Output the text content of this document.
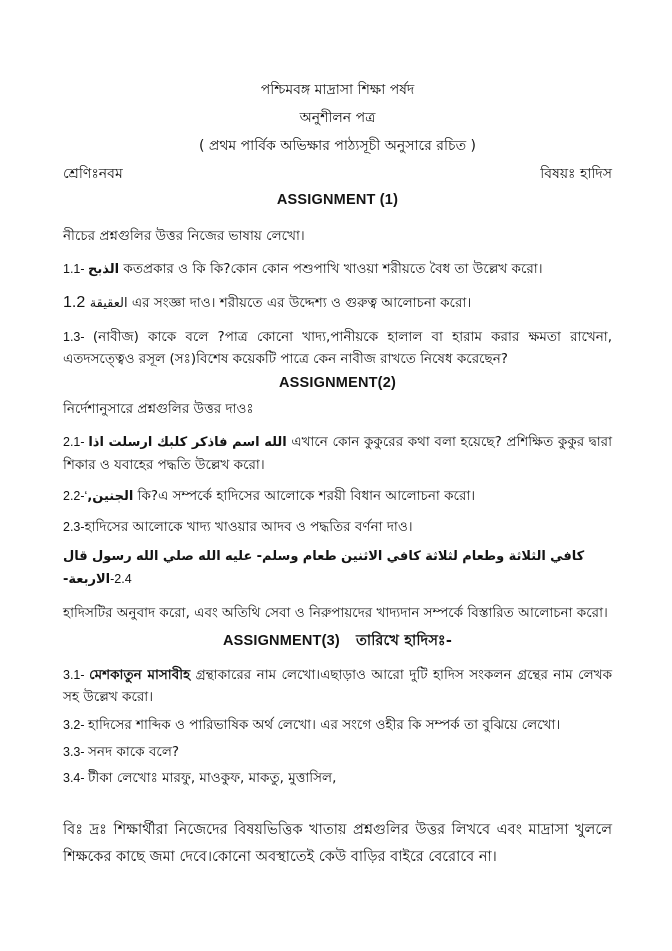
পশ্চিমবঙ্গ মাদ্রাসা শিক্ষা পর্ষদ
অনুশীলন পত্র
( প্রথম পার্বিক অভিক্ষার পাঠ্যসূচী অনুসারে রচিত )
শ্রেণিঃনবম	বিষয়ঃ হাদিস
ASSIGNMENT (1)

নীচের প্রশ্নগুলির উত্তর নিজের ভাষায় লেখো।

1.1- الذبح কতপ্রকার ও কি কি?কোন কোন পশুপাখি খাওয়া শরীয়তে বৈধ তা উল্লেখ করো।

1.2 العقيقة এর সংজ্ঞা দাও। শরীয়তে এর উদ্দেশ্য ও গুরুত্ব আলোচনা করো।

1.3- (নাবীজ) কাকে বলে ?পাত্র কোনো খাদ্য,পানীয়কে হালাল বা হারাম করার ক্ষমতা রাখেনা, এতদসত্ত্বেও রসূল (সঃ)বিশেষ কয়েকটি পাত্রে কেন নাবীজ রাখতে নিষেধ করেছেন?

ASSIGNMENT(2)

নির্দেশানুসারে প্রশ্নগুলির উত্তর দাওঃ

2.1- اذا ارسلت كلبك فاذكر اسم الله এখানে কোন কুকুরের কথা বলা হয়েছে? প্রশিক্ষিত কুকুর দ্বারা শিকার ও যবাহের পদ্ধতি উল্লেখ করো।

2.2-‘الجنين, কি?এ সম্পর্কে হাদিসের আলোকে শরয়ী বিধান আলোচনা করো।

2.3-হাদিসের আলোকে খাদ্য খাওয়ার আদব ও পদ্ধতির বর্ণনা দাও।

قال رسول الله صلي الله عليه وسلم- طعام الاثنين كافي لثلاثة وطعام الثلاثة كافي الاربعة--2.4

হাদিসটির অনুবাদ করো, এবং অতিথি সেবা ও নিরুপায়দের খাদ্যদান সম্পর্কে বিস্তারিত আলোচনা করো।

ASSIGNMENT(3) তারিখে হাদিসঃ-

3.1- মেশকাতুন মাসাবীহ গ্রন্থাকারের নাম লেখো।এছাড়াও আরো দুটি হাদিস সংকলন গ্রন্থের নাম লেখক সহ উল্লেখ করো।

3.2- হাদিসের শাব্দিক ও পারিভাষিক অর্থ লেখো। এর সংগে ওহীর কি সম্পর্ক তা বুঝিয়ে লেখো।

3.3- সনদ কাকে বলে?

3.4- টীকা লেখোঃ মারফু, মাওকুফ, মাকতু, মুত্তাসিল,

বিঃ দ্রঃ শিক্ষার্থীরা নিজেদের বিষয়ভিত্তিক খাতায় প্রশ্নগুলির উত্তর লিখবে এবং মাদ্রাসা খুললে শিক্ষকের কাছে জমা দেবে।কোনো অবস্থাতেই কেউ বাড়ির বাইরে বেরোবে না।
